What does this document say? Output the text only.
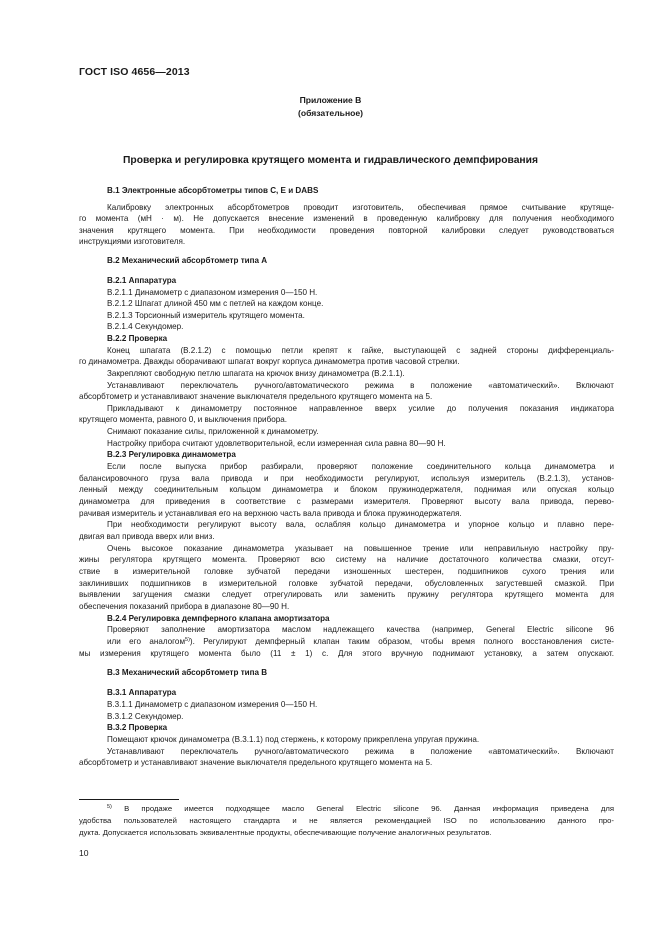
ГОСТ ISO 4656—2013
Приложение В
(обязательное)
Проверка и регулировка крутящего момента и гидравлического демпфирования
В.1 Электронные абсорбтометры типов С, Е и DABS
Калибровку электронных абсорбтометров проводит изготовитель, обеспечивая прямое считывание крутяще-
го момента (мН · м). Не допускается внесение изменений в проведенную калибровку для получения необходимого
значения крутящего момента. При необходимости проведения повторной калибровки следует руководствоваться
инструкциями изготовителя.
В.2 Механический абсорбтометр типа А
В.2.1 Аппаратура
В.2.1.1 Динамометр с диапазоном измерения 0—150 Н.
В.2.1.2 Шпагат длиной 450 мм с петлей на каждом конце.
В.2.1.3 Торсионный измеритель крутящего момента.
В.2.1.4 Секундомер.
В.2.2 Проверка
Конец шпагата (В.2.1.2) с помощью петли крепят к гайке, выступающей с задней стороны дифференциаль-
го динамометра. Дважды оборачивают шпагат вокруг корпуса динамометра против часовой стрелки.
Закрепляют свободную петлю шпагата на крючок внизу динамометра (В.2.1.1).
Устанавливают переключатель ручного/автоматического режима в положение «автоматический». Включают
абсорбтометр и устанавливают значение выключателя предельного крутящего момента на 5.
Прикладывают к динамометру постоянное направленное вверх усилие до получения показания индикатора
крутящего момента, равного 0, и выключения прибора.
Снимают показание силы, приложенной к динамометру.
Настройку прибора считают удовлетворительной, если измеренная сила равна 80—90 Н.
В.2.3 Регулировка динамометра
Если после выпуска прибор разбирали, проверяют положение соединительного кольца динамометра и
балансировочного груза вала привода и при необходимости регулируют, используя измеритель (В.2.1.3), установ-
ленный между соединительным кольцом динамометра и блоком пружинодержателя, поднимая или опуская кольцо
динамометра для приведения в соответствие с размерами измерителя. Проверяют высоту вала привода, перево-
рачивая измеритель и устанавливая его на верхнюю часть вала привода и блока пружинодержателя.
При необходимости регулируют высоту вала, ослабляя кольцо динамометра и упорное кольцо и плавно пере-
двигая вал привода вверх или вниз.
Очень высокое показание динамометра указывает на повышенное трение или неправильную настройку пру-
жины регулятора крутящего момента. Проверяют всю систему на наличие достаточного количества смазки, отсут-
ствие в измерительной головке зубчатой передачи изношенных шестерен, подшипников сухого трения или
заклинивших подшипников в измерительной головке зубчатой передачи, обусловленных загустевшей смазкой. При
выявлении загущения смазки следует отрегулировать или заменить пружину регулятора крутящего момента для
обеспечения показаний прибора в диапазоне 80—90 Н.
В.2.4 Регулировка демпферного клапана амортизатора
Проверяют заполнение амортизатора маслом надлежащего качества (например, General Electric silicone 96
или его аналогом$^{5)}$). Регулируют демпферный клапан таким образом, чтобы время полного восстановления систе-
мы измерения крутящего момента было (11 ± 1) с. Для этого вручную поднимают установку, а затем опускают.
В.3 Механический абсорбтометр типа В
В.3.1 Аппаратура
В.3.1.1 Динамометр с диапазоном измерения 0—150 Н.
В.3.1.2 Секундомер.
В.3.2 Проверка
Помещают крючок динамометра (В.3.1.1) под стержень, к которому прикреплена упругая пружина.
Устанавливают переключатель ручного/автоматического режима в положение «автоматический». Включают
абсорбтометр и устанавливают значение выключателя предельного крутящего момента на 5.
$^{5)}$ В продаже имеется подходящее масло General Electric silicone 96. Данная информация приведена для
удобства пользователей настоящего стандарта и не является рекомендацией ISO по использованию данного про-
дукта. Допускается использовать эквивалентные продукты, обеспечивающие получение аналогичных результатов.
10
